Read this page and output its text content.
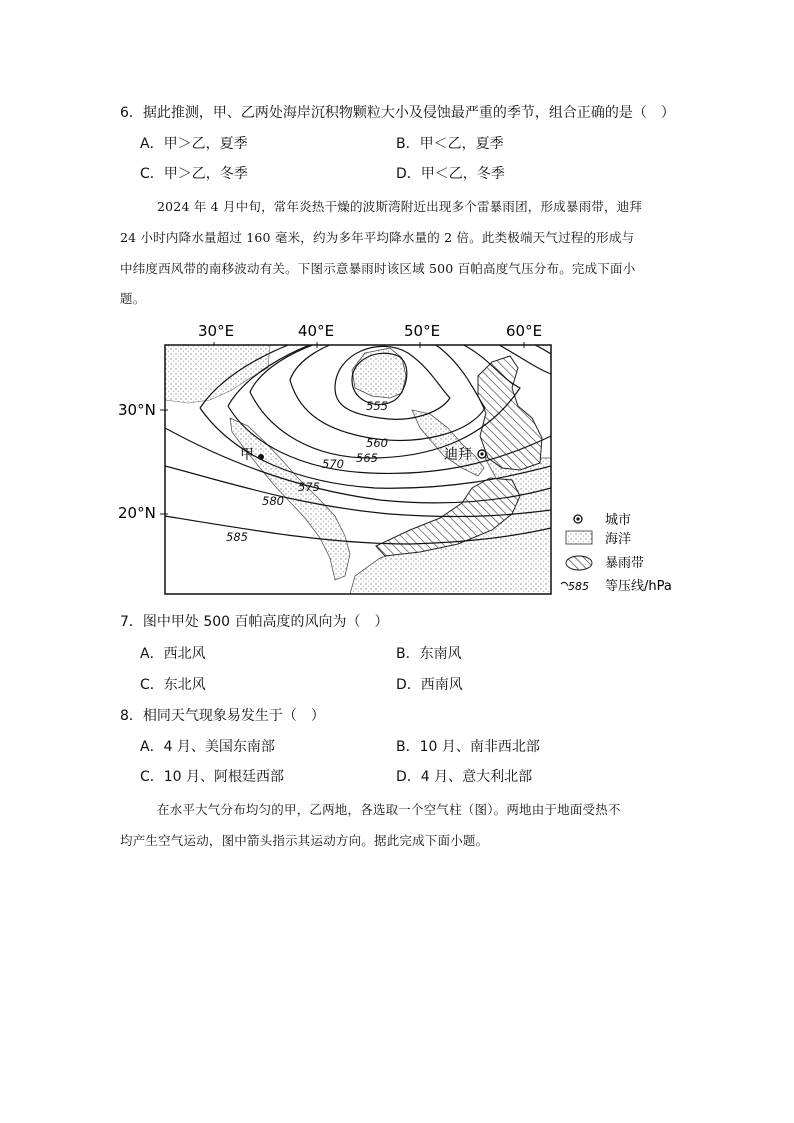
6．据此推测，甲、乙两处海岸沉积物颗粒大小及侵蚀最严重的季节，组合正确的是（　）
A．甲＞乙，夏季	B．甲＜乙，夏季
C．甲＞乙，冬季	D．甲＜乙，冬季
2024 年 4 月中旬，常年炎热干燥的波斯湾附近出现多个雷暴雨团，形成暴雨带，迪拜
24 小时内降水量超过 160 毫米，约为多年平均降水量的 2 倍。此类极端天气过程的形成与
中纬度西风带的南移波动有关。下图示意暴雨时该区域 500 百帕高度气压分布。完成下面小
题。
30°E	40°E	50°E	60°E
30°N
20°N
555
560
565
570
575
580
585
甲	迪拜
城市
海洋
暴雨带
585 等压线/hPa
7．图中甲处 500 百帕高度的风向为（　）
A．西北风	B．东南风
C．东北风	D．西南风
8．相同天气现象易发生于（　）
A．4 月、美国东南部	B．10 月、南非西北部
C．10 月、阿根廷西部	D．4 月、意大利北部
在水平大气分布均匀的甲，乙两地，各选取一个空气柱（图）。两地由于地面受热不
均产生空气运动，图中箭头指示其运动方向。据此完成下面小题。
